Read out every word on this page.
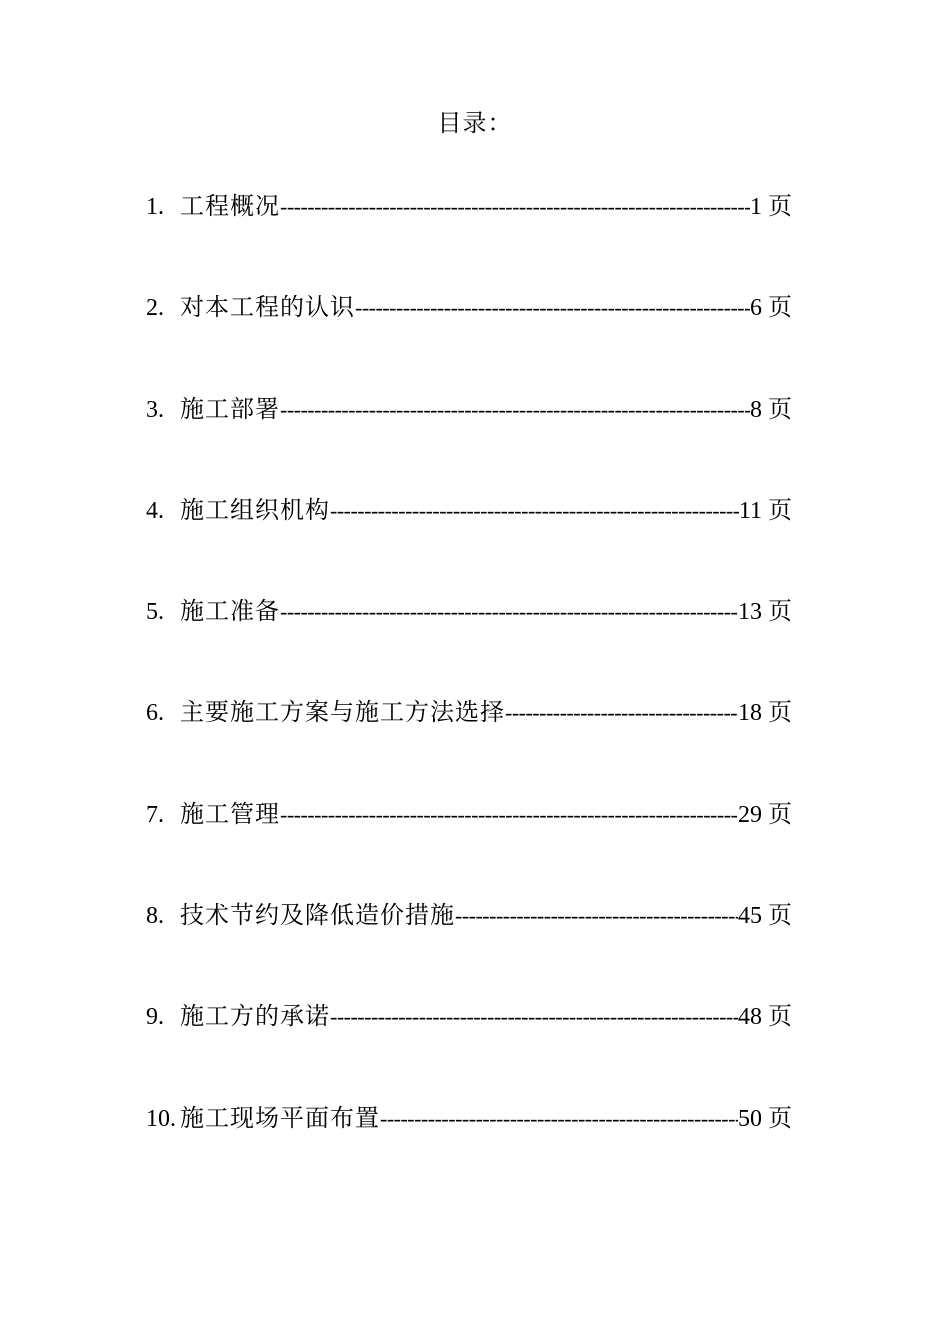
目录：
1. 工程概况 -----	1 页
2. 对本工程的认识 -----	6 页
3. 施工部署 -----	8 页
4. 施工组织机构 -----	11 页
5. 施工准备 -----	13 页
6. 主要施工方案与施工方法选择 -----	18 页
7. 施工管理 -----	29 页
8. 技术节约及降低造价措施 -----	45 页
9. 施工方的承诺 -----	48 页
10. 施工现场平面布置 -----	50 页
